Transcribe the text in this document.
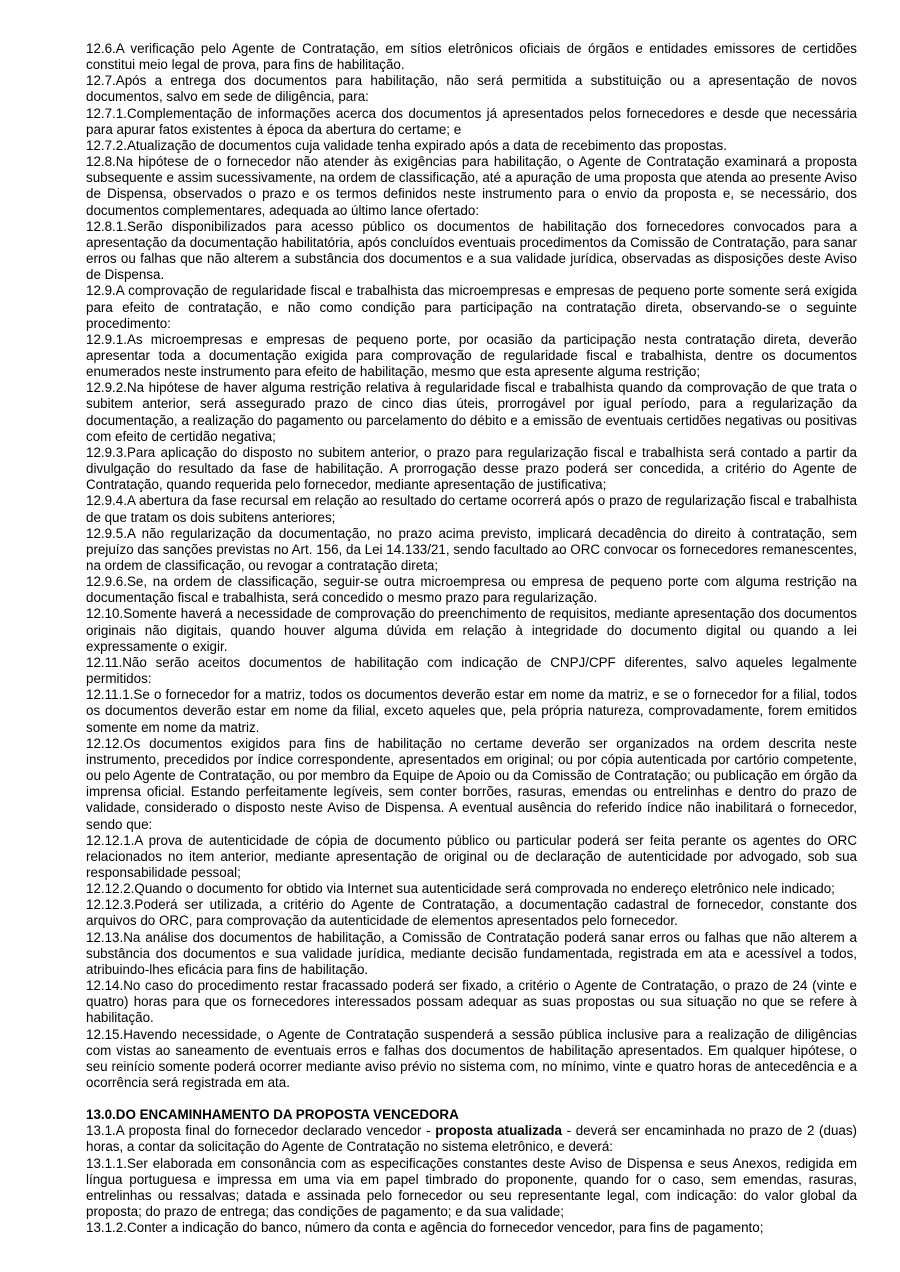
12.6.A verificação pelo Agente de Contratação, em sítios eletrônicos oficiais de órgãos e entidades emissores de certidões constitui meio legal de prova, para fins de habilitação.

12.7.Após a entrega dos documentos para habilitação, não será permitida a substituição ou a apresentação de novos documentos, salvo em sede de diligência, para:

12.7.1.Complementação de informações acerca dos documentos já apresentados pelos fornecedores e desde que necessária para apurar fatos existentes à época da abertura do certame; e

12.7.2.Atualização de documentos cuja validade tenha expirado após a data de recebimento das propostas.

12.8.Na hipótese de o fornecedor não atender às exigências para habilitação, o Agente de Contratação examinará a proposta subsequente e assim sucessivamente, na ordem de classificação, até a apuração de uma proposta que atenda ao presente Aviso de Dispensa, observados o prazo e os termos definidos neste instrumento para o envio da proposta e, se necessário, dos documentos complementares, adequada ao último lance ofertado:

12.8.1.Serão disponibilizados para acesso público os documentos de habilitação dos fornecedores convocados para a apresentação da documentação habilitatória, após concluídos eventuais procedimentos da Comissão de Contratação, para sanar erros ou falhas que não alterem a substância dos documentos e a sua validade jurídica, observadas as disposições deste Aviso de Dispensa.

12.9.A comprovação de regularidade fiscal e trabalhista das microempresas e empresas de pequeno porte somente será exigida para efeito de contratação, e não como condição para participação na contratação direta, observando-se o seguinte procedimento:

12.9.1.As microempresas e empresas de pequeno porte, por ocasião da participação nesta contratação direta, deverão apresentar toda a documentação exigida para comprovação de regularidade fiscal e trabalhista, dentre os documentos enumerados neste instrumento para efeito de habilitação, mesmo que esta apresente alguma restrição;

12.9.2.Na hipótese de haver alguma restrição relativa à regularidade fiscal e trabalhista quando da comprovação de que trata o subitem anterior, será assegurado prazo de cinco dias úteis, prorrogável por igual período, para a regularização da documentação, a realização do pagamento ou parcelamento do débito e a emissão de eventuais certidões negativas ou positivas com efeito de certidão negativa;

12.9.3.Para aplicação do disposto no subitem anterior, o prazo para regularização fiscal e trabalhista será contado a partir da divulgação do resultado da fase de habilitação. A prorrogação desse prazo poderá ser concedida, a critério do Agente de Contratação, quando requerida pelo fornecedor, mediante apresentação de justificativa;

12.9.4.A abertura da fase recursal em relação ao resultado do certame ocorrerá após o prazo de regularização fiscal e trabalhista de que tratam os dois subitens anteriores;

12.9.5.A não regularização da documentação, no prazo acima previsto, implicará decadência do direito à contratação, sem prejuízo das sanções previstas no Art. 156, da Lei 14.133/21, sendo facultado ao ORC convocar os fornecedores remanescentes, na ordem de classificação, ou revogar a contratação direta;

12.9.6.Se, na ordem de classificação, seguir-se outra microempresa ou empresa de pequeno porte com alguma restrição na documentação fiscal e trabalhista, será concedido o mesmo prazo para regularização.

12.10.Somente haverá a necessidade de comprovação do preenchimento de requisitos, mediante apresentação dos documentos originais não digitais, quando houver alguma dúvida em relação à integridade do documento digital ou quando a lei expressamente o exigir.

12.11.Não serão aceitos documentos de habilitação com indicação de CNPJ/CPF diferentes, salvo aqueles legalmente permitidos:

12.11.1.Se o fornecedor for a matriz, todos os documentos deverão estar em nome da matriz, e se o fornecedor for a filial, todos os documentos deverão estar em nome da filial, exceto aqueles que, pela própria natureza, comprovadamente, forem emitidos somente em nome da matriz.

12.12.Os documentos exigidos para fins de habilitação no certame deverão ser organizados na ordem descrita neste instrumento, precedidos por índice correspondente, apresentados em original; ou por cópia autenticada por cartório competente, ou pelo Agente de Contratação, ou por membro da Equipe de Apoio ou da Comissão de Contratação; ou publicação em órgão da imprensa oficial. Estando perfeitamente legíveis, sem conter borrões, rasuras, emendas ou entrelinhas e dentro do prazo de validade, considerado o disposto neste Aviso de Dispensa. A eventual ausência do referido índice não inabilitará o fornecedor, sendo que:

12.12.1.A prova de autenticidade de cópia de documento público ou particular poderá ser feita perante os agentes do ORC relacionados no item anterior, mediante apresentação de original ou de declaração de autenticidade por advogado, sob sua responsabilidade pessoal;

12.12.2.Quando o documento for obtido via Internet sua autenticidade será comprovada no endereço eletrônico nele indicado;

12.12.3.Poderá ser utilizada, a critério do Agente de Contratação, a documentação cadastral de fornecedor, constante dos arquivos do ORC, para comprovação da autenticidade de elementos apresentados pelo fornecedor.

12.13.Na análise dos documentos de habilitação, a Comissão de Contratação poderá sanar erros ou falhas que não alterem a substância dos documentos e sua validade jurídica, mediante decisão fundamentada, registrada em ata e acessível a todos, atribuindo-lhes eficácia para fins de habilitação.

12.14.No caso do procedimento restar fracassado poderá ser fixado, a critério o Agente de Contratação, o prazo de 24 (vinte e quatro) horas para que os fornecedores interessados possam adequar as suas propostas ou sua situação no que se refere à habilitação.

12.15.Havendo necessidade, o Agente de Contratação suspenderá a sessão pública inclusive para a realização de diligências com vistas ao saneamento de eventuais erros e falhas dos documentos de habilitação apresentados. Em qualquer hipótese, o seu reinício somente poderá ocorrer mediante aviso prévio no sistema com, no mínimo, vinte e quatro horas de antecedência e a ocorrência será registrada em ata.

13.0.DO ENCAMINHAMENTO DA PROPOSTA VENCEDORA

13.1.A proposta final do fornecedor declarado vencedor - proposta atualizada - deverá ser encaminhada no prazo de 2 (duas) horas, a contar da solicitação do Agente de Contratação no sistema eletrônico, e deverá:

13.1.1.Ser elaborada em consonância com as especificações constantes deste Aviso de Dispensa e seus Anexos, redigida em língua portuguesa e impressa em uma via em papel timbrado do proponente, quando for o caso, sem emendas, rasuras, entrelinhas ou ressalvas; datada e assinada pelo fornecedor ou seu representante legal, com indicação: do valor global da proposta; do prazo de entrega; das condições de pagamento; e da sua validade;

13.1.2.Conter a indicação do banco, número da conta e agência do fornecedor vencedor, para fins de pagamento;
